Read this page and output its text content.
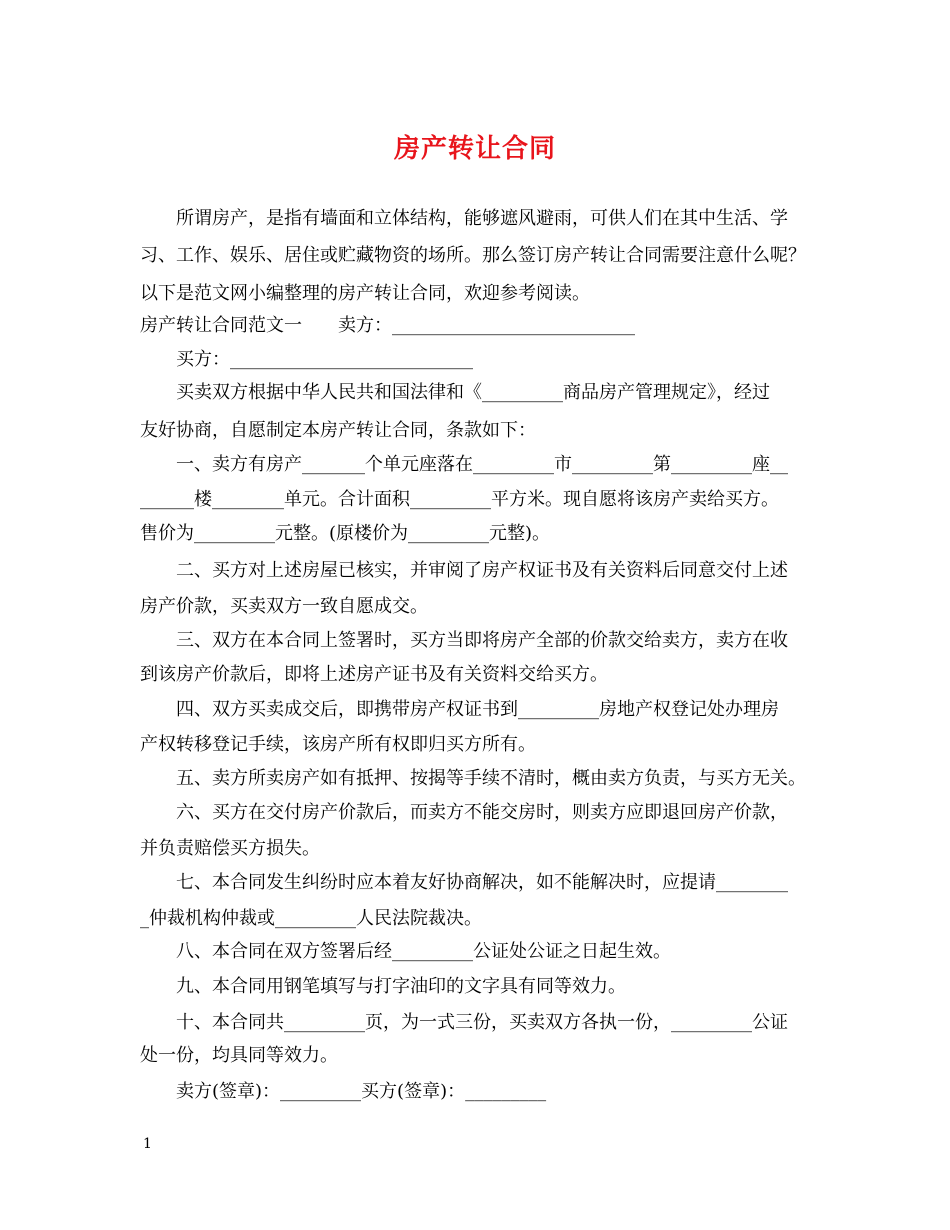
房产转让合同
所谓房产，是指有墙面和立体结构，能够遮风避雨，可供人们在其中生活、学
习、工作、娱乐、居住或贮藏物资的场所。那么签订房产转让合同需要注意什么呢？
以下是范文网小编整理的房产转让合同，欢迎参考阅读。
房产转让合同范文一　　卖方：___________________________
买方：___________________________
买卖双方根据中华人民共和国法律和《_________商品房产管理规定》，经过
友好协商，自愿制定本房产转让合同，条款如下：
一、卖方有房产_______个单元座落在_________市_________第_________座__
______楼________单元。合计面积_________平方米。现自愿将该房产卖给买方。
售价为_________元整。(原楼价为_________元整)。
二、买方对上述房屋已核实，并审阅了房产权证书及有关资料后同意交付上述
房产价款，买卖双方一致自愿成交。
三、双方在本合同上签署时，买方当即将房产全部的价款交给卖方，卖方在收
到该房产价款后，即将上述房产证书及有关资料交给买方。
四、双方买卖成交后，即携带房产权证书到_________房地产权登记处办理房
产权转移登记手续，该房产所有权即归买方所有。
五、卖方所卖房产如有抵押、按揭等手续不清时，概由卖方负责，与买方无关。
六、买方在交付房产价款后，而卖方不能交房时，则卖方应即退回房产价款，
并负责赔偿买方损失。
七、本合同发生纠纷时应本着友好协商解决，如不能解决时，应提请________
_仲裁机构仲裁或_________人民法院裁决。
八、本合同在双方签署后经_________公证处公证之日起生效。
九、本合同用钢笔填写与打字油印的文字具有同等效力。
十、本合同共_________页，为一式三份，买卖双方各执一份，_________公证
处一份，均具同等效力。
卖方(签章)：_________买方(签章)：_________
1
